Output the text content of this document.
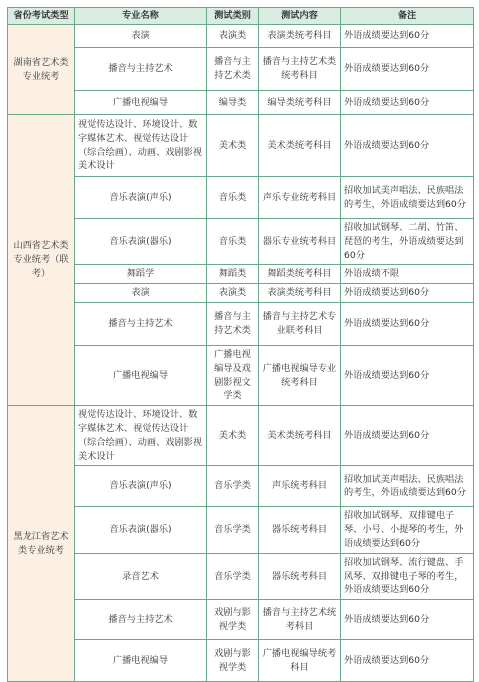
省份考试类型	专业名称	测试类别	测试内容	备注
湖南省艺术类专业统考	表演	表演类	表演类统考科目	外语成绩要达到60分
	播音与主持艺术	播音与主持艺术类	播音与主持艺术类统考科目	外语成绩要达到60分
	广播电视编导	编导类	编导类统考科目	外语成绩要达到60分
山西省艺术类专业统考（联考）	视觉传达设计、环境设计、数字媒体艺术、视觉传达设计（综合绘画）、动画、戏剧影视美术设计	美术类	美术类统考科目	外语成绩要达到60分
	音乐表演(声乐)	音乐类	声乐专业统考科目	招收加试美声唱法、民族唱法的考生，外语成绩要达到60分
	音乐表演(器乐)	音乐类	器乐专业统考科目	招收加试钢琴、二胡、竹笛、琵琶的考生，外语成绩要达到60分
	舞蹈学	舞蹈类	舞蹈类统考科目	外语成绩不限
	表演	表演类	表演类统考科目	外语成绩要达到60分
	播音与主持艺术	播音与主持艺术类	播音与主持艺术专业联考科目	外语成绩要达到60分
	广播电视编导	广播电视编导及戏剧影视文学类	广播电视编导专业统考科目	外语成绩要达到60分
黑龙江省艺术类专业统考	视觉传达设计、环境设计、数字媒体艺术、视觉传达设计（综合绘画）、动画、戏剧影视美术设计	美术类	美术类统考科目	外语成绩要达到60分
	音乐表演(声乐)	音乐学类	声乐统考科目	招收加试美声唱法、民族唱法的考生，外语成绩要达到60分
	音乐表演(器乐)	音乐学类	器乐统考科目	招收加试钢琴、双排键电子琴、小号、小提琴的考生，外语成绩要达到60分
	录音艺术	音乐学类	器乐统考科目	招收加试钢琴、流行键盘、手风琴、双排键电子琴的考生，外语成绩要达到60分
	播音与主持艺术	戏剧与影视学类	播音与主持艺术统考科目	外语成绩要达到60分
	广播电视编导	戏剧与影视学类	广播电视编导统考科目	外语成绩要达到60分
